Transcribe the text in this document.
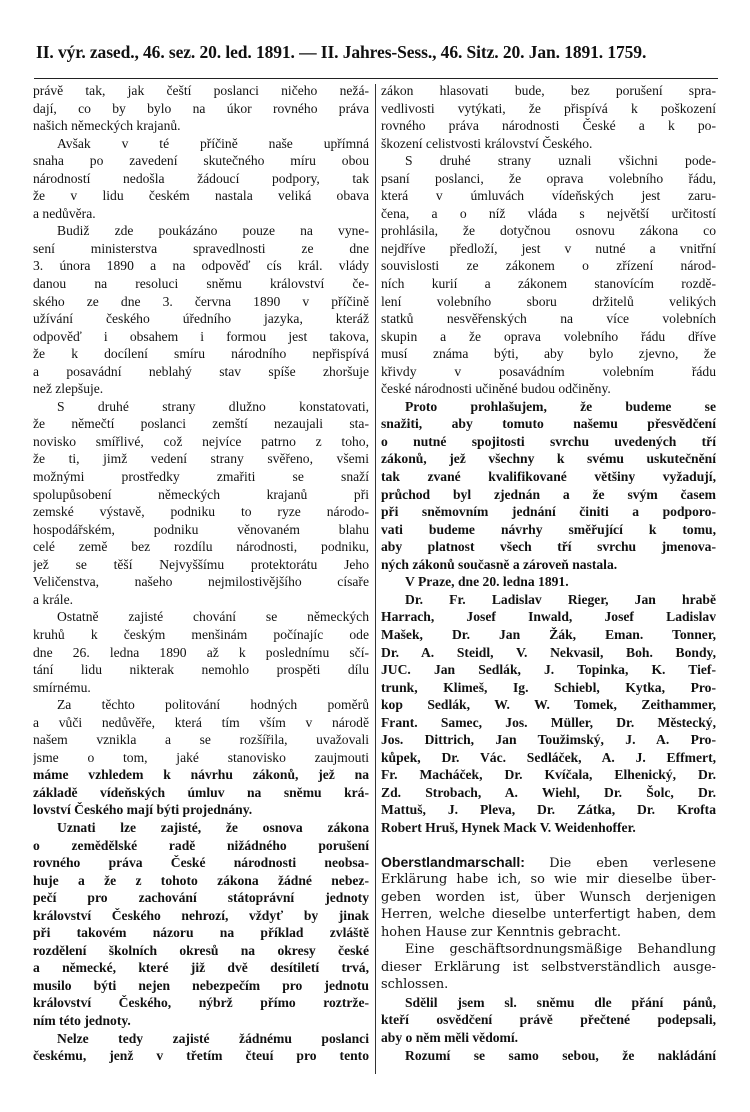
II. výr. zased., 46. sez. 20. led. 1891. — II. Jahres-Sess., 46. Sitz. 20. Jan. 1891. 1759.
právě tak, jak čeští poslanci ničeho nežá-
dají, co by bylo na úkor rovného práva
našich německých krajanů.
Avšak v té příčině naše upřímná
snaha po zavedení skutečného míru obou
národností nedošla žádoucí podpory, tak
že v lidu českém nastala veliká obava
a nedůvěra.
Budiž zde poukázáno pouze na vyne-
sení ministerstva spravedlnosti ze dne
3. února 1890 a na odpověď cís král. vlády
danou na resoluci sněmu království če-
ského ze dne 3. června 1890 v příčině
užívání českého úředního jazyka, kteráž
odpověď i obsahem i formou jest takova,
že k docílení smíru národního nepřispívá
a posavádní neblahý stav spíše zhoršuje
než zlepšuje.
S druhé strany dlužno konstatovati,
že němečtí poslanci zemští nezaujali sta-
novisko smířlivé, což nejvíce patrno z toho,
že ti, jimž vedení strany svěřeno, všemi
možnými prostředky zmařiti se snaží
spolupůsobení německých krajanů při
zemské výstavě, podniku to ryze národo-
hospodářském, podniku věnovaném blahu
celé země bez rozdílu národnosti, podniku,
jež se těší Nejvyššímu protektorátu Jeho
Veličenstva, našeho nejmilostivějšího císaře
a krále.
Ostatně zajisté chování se německých
kruhů k českým menšinám počínajíc ode
dne 26. ledna 1890 až k poslednímu sčí-
tání lidu nikterak nemohlo prospěti dílu
smírnému.
Za těchto politování hodných poměrů
a vůči nedůvěře, která tím vším v národě
našem vznikla a se rozšířila, uvažovali
jsme o tom, jaké stanovisko zaujmouti
máme vzhledem k návrhu zákonů, jež na
základě vídeňských úmluv na sněmu krá-
lovství Českého mají býti projednány.
Uznati lze zajisté, že osnova zákona
o zemědělské radě nižádného porušení
rovného práva České národnosti neobsa-
huje a že z tohoto zákona žádné nebez-
pečí pro zachování státoprávní jednoty
království Českého nehrozí, vždyť by jinak
při takovém názoru na příklad zvláště
rozdělení školních okresů na okresy české
a německé, které již dvě desítiletí trvá,
musilo býti nejen nebezpečím pro jednotu
království Českého, nýbrž přímo roztrže-
ním této jednoty.
Nelze tedy zajisté žádnému poslanci
českému, jenž v třetím čteuí pro tento
zákon hlasovati bude, bez porušení spra-
vedlivosti vytýkati, že přispívá k poškození
rovného práva národnosti České a k po-
škození celistvosti království Českého.
S druhé strany uznali všichni pode-
psaní poslanci, že oprava volebního řádu,
která v úmluvách vídeňských jest zaru-
čena, a o níž vláda s největší určitostí
prohlásila, že dotyčnou osnovu zákona co
nejdříve předloží, jest v nutné a vnitřní
souvislosti ze zákonem o zřízení národ-
ních kurií a zákonem stanovícím rozdě-
lení volebního sboru držitelů velikých
statků nesvěřenských na více volebních
skupin a že oprava volebního řádu dříve
musí známa býti, aby bylo zjevno, že
křivdy v posavádním volebním řádu
české národnosti učiněné budou odčiněny.
Proto prohlašujem, že budeme se
snažiti, aby tomuto našemu přesvědčení
o nutné spojitosti svrchu uvedených tří
zákonů, jež všechny k svému uskutečnění
tak zvané kvalifikované většiny vyžadují,
průchod byl zjednán a že svým časem
při sněmovním jednání činiti a podporo-
vati budeme návrhy směřující k tomu,
aby platnost všech tří svrchu jmenova-
ných zákonů současně a zároveň nastala.
V Praze, dne 20. ledna 1891.
Dr. Fr. Ladislav Rieger, Jan hrabě
Harrach, Josef Inwald, Josef Ladislav
Mašek, Dr. Jan Žák, Eman. Tonner,
Dr. A. Steidl, V. Nekvasil, Boh. Bondy,
JUC. Jan Sedlák, J. Topinka, K. Tief-
trunk, Klimeš, Ig. Schiebl, Kytka, Pro-
kop Sedlák, W. W. Tomek, Zeithammer,
Frant. Samec, Jos. Müller, Dr. Městecký,
Jos. Dittrich, Jan Toužimský, J. A. Pro-
kůpek, Dr. Vác. Sedláček, A. J. Effmert,
Fr. Macháček, Dr. Kvíčala, Elhenický, Dr.
Zd. Strobach, A. Wiehl, Dr. Šolc, Dr.
Mattuš, J. Pleva, Dr. Zátka, Dr. Krofta
Robert Hruš, Hynek Mack V. Weidenhoffer.
Oberstlandmarschall: Die eben verlesene
Erklärung habe ich, so wie mir dieselbe über-
geben worden ist, über Wunsch derjenigen
Herren, welche dieselbe unterfertigt haben, dem
hohen Hause zur Kenntnis gebracht.
Eine geschäftsordnungsmäßige Behandlung
dieser Erklärung ist selbstverständlich ausge-
schlossen.
Sdělil jsem sl. sněmu dle přání pánů,
kteří osvědčení právě přečtené podepsali,
aby o něm měli vědomí.
Rozumí se samo sebou, že nakládání
